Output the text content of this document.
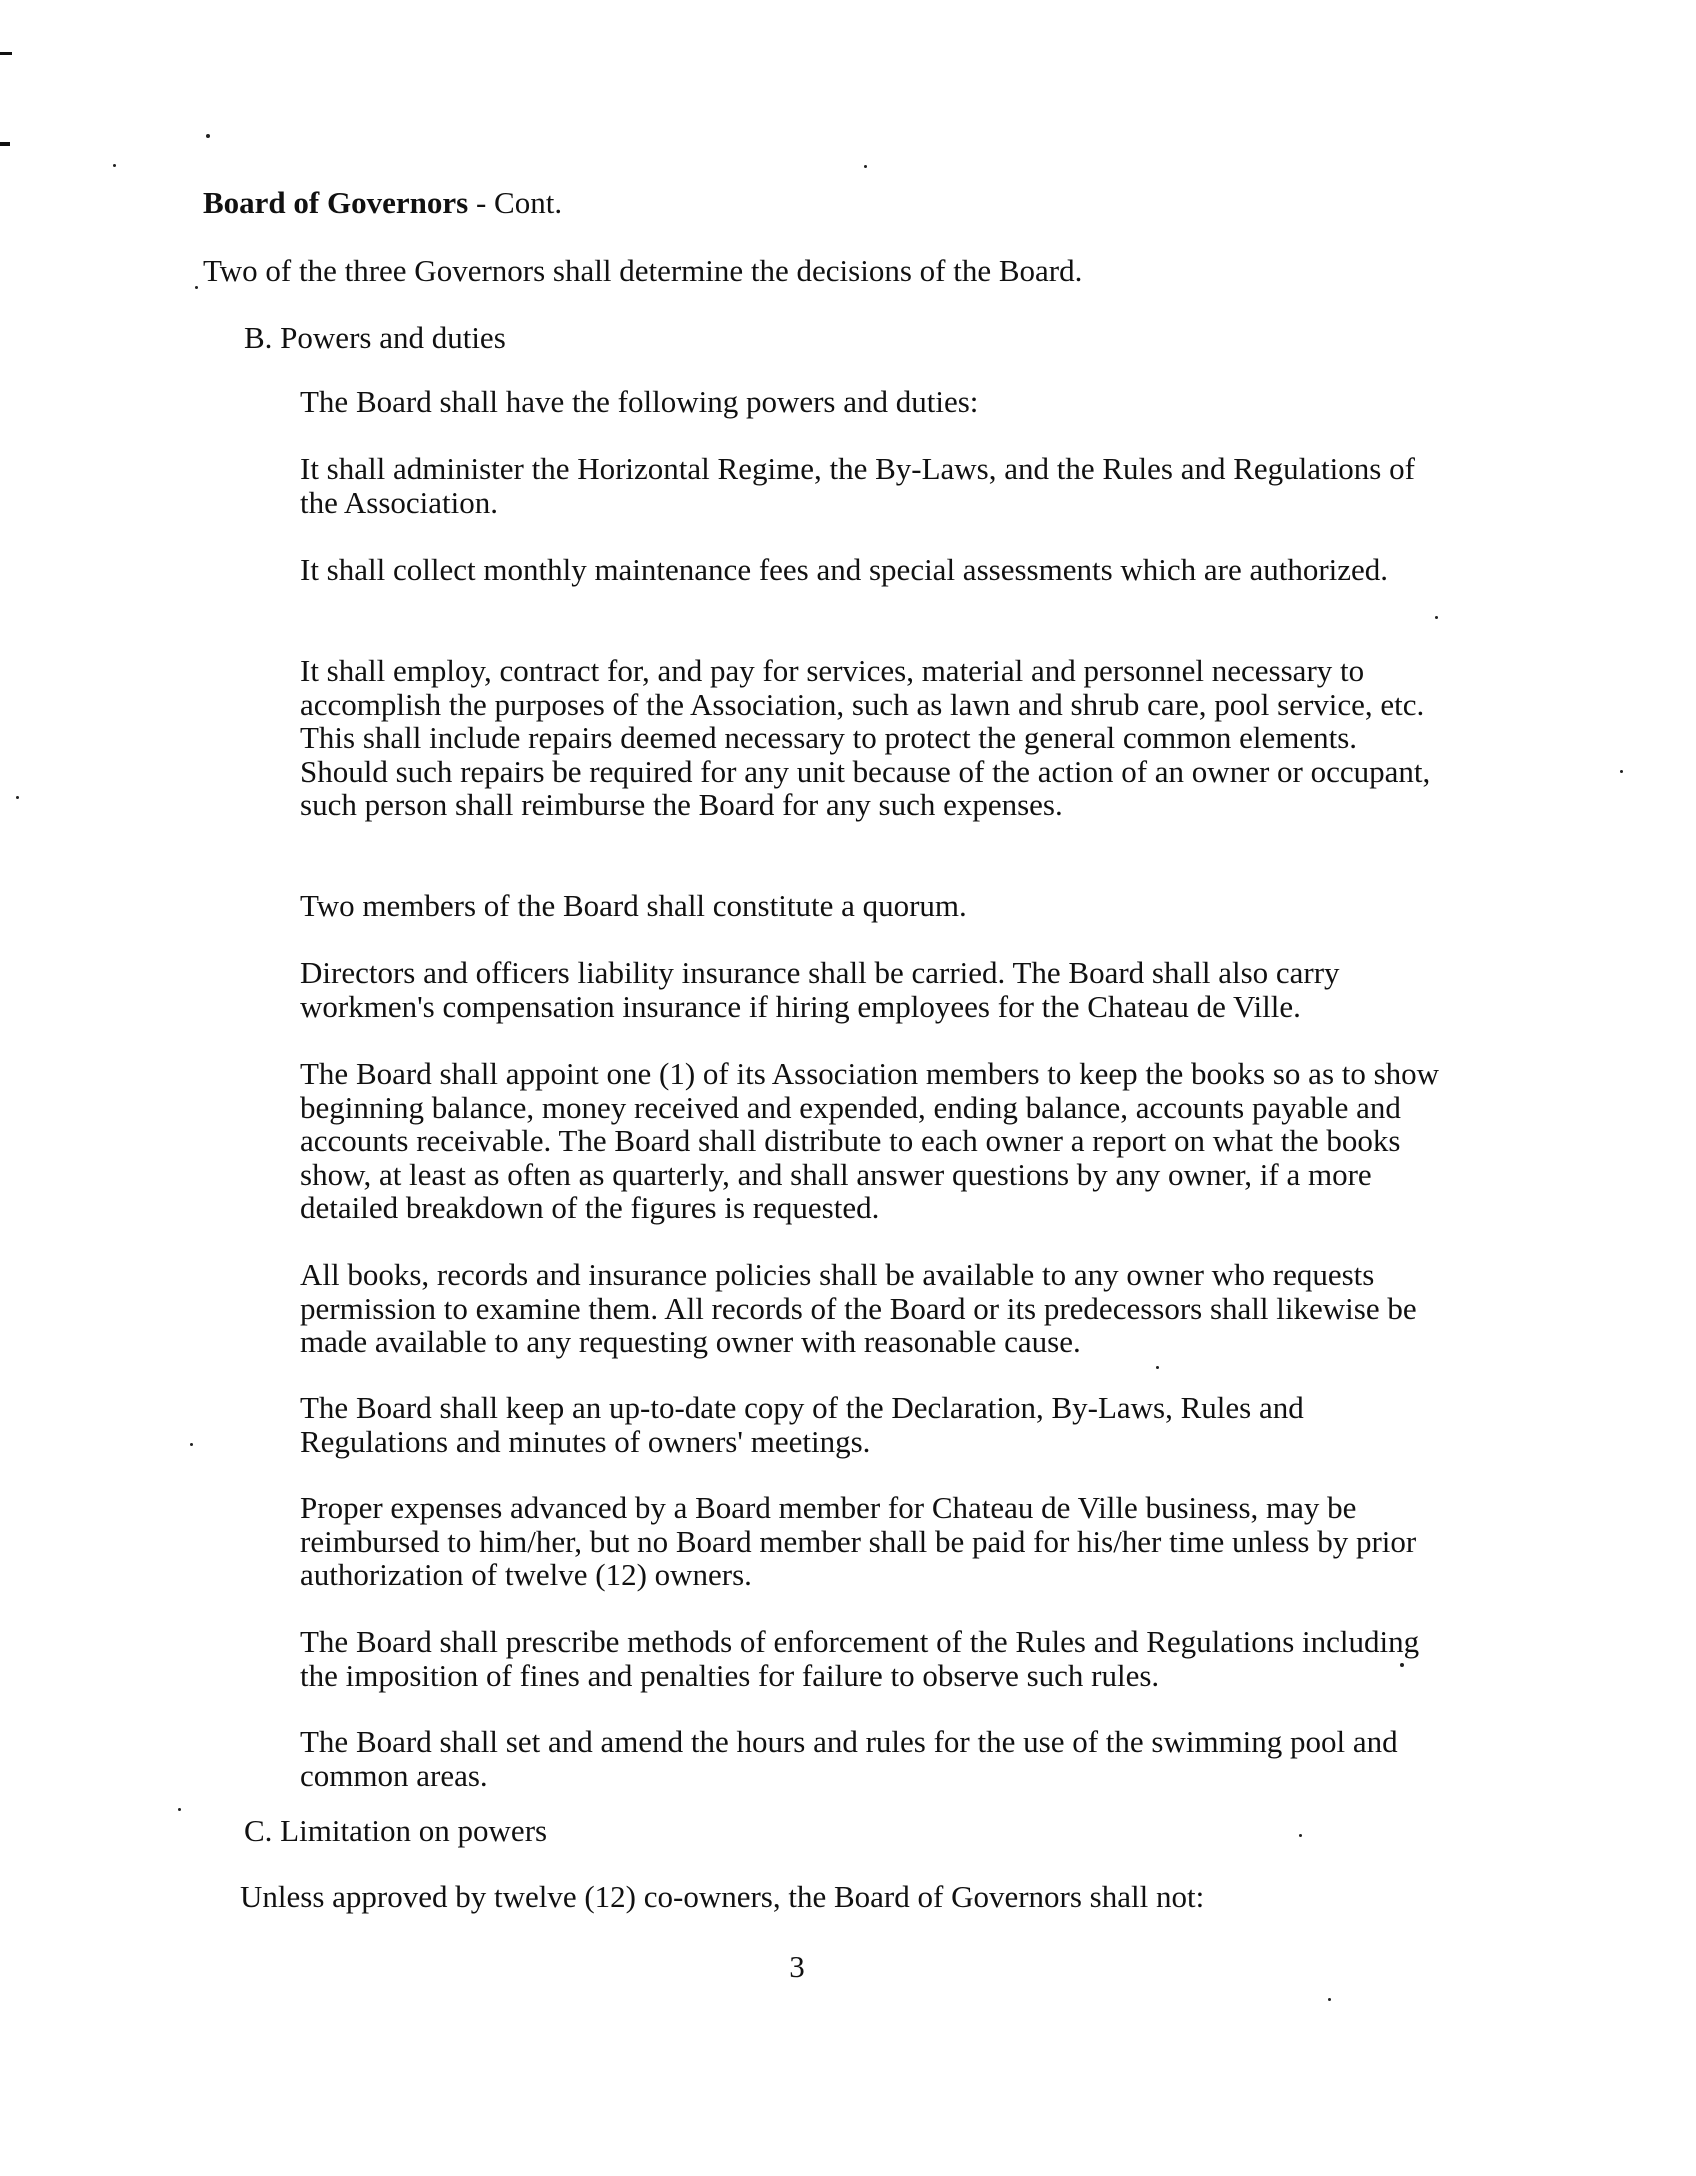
Board of Governors - Cont.
Two of the three Governors shall determine the decisions of the Board.
B. Powers and duties

The Board shall have the following powers and duties:

It shall administer the Horizontal Regime, the By-Laws, and the Rules and Regulations of the Association.

It shall collect monthly maintenance fees and special assessments which are authorized.

It shall employ, contract for, and pay for services, material and personnel necessary to accomplish the purposes of the Association, such as lawn and shrub care, pool service, etc. This shall include repairs deemed necessary to protect the general common elements. Should such repairs be required for any unit because of the action of an owner or occupant, such person shall reimburse the Board for any such expenses.

Two members of the Board shall constitute a quorum.

Directors and officers liability insurance shall be carried. The Board shall also carry workmen's compensation insurance if hiring employees for the Chateau de Ville.

The Board shall appoint one (1) of its Association members to keep the books so as to show beginning balance, money received and expended, ending balance, accounts payable and accounts receivable. The Board shall distribute to each owner a report on what the books show, at least as often as quarterly, and shall answer questions by any owner, if a more detailed breakdown of the figures is requested.

All books, records and insurance policies shall be available to any owner who requests permission to examine them. All records of the Board or its predecessors shall likewise be made available to any requesting owner with reasonable cause.

The Board shall keep an up-to-date copy of the Declaration, By-Laws, Rules and Regulations and minutes of owners' meetings.

Proper expenses advanced by a Board member for Chateau de Ville business, may be reimbursed to him/her, but no Board member shall be paid for his/her time unless by prior authorization of twelve (12) owners.

The Board shall prescribe methods of enforcement of the Rules and Regulations including the imposition of fines and penalties for failure to observe such rules.

The Board shall set and amend the hours and rules for the use of the swimming pool and common areas.

C. Limitation on powers
Unless approved by twelve (12) co-owners, the Board of Governors shall not:
3
